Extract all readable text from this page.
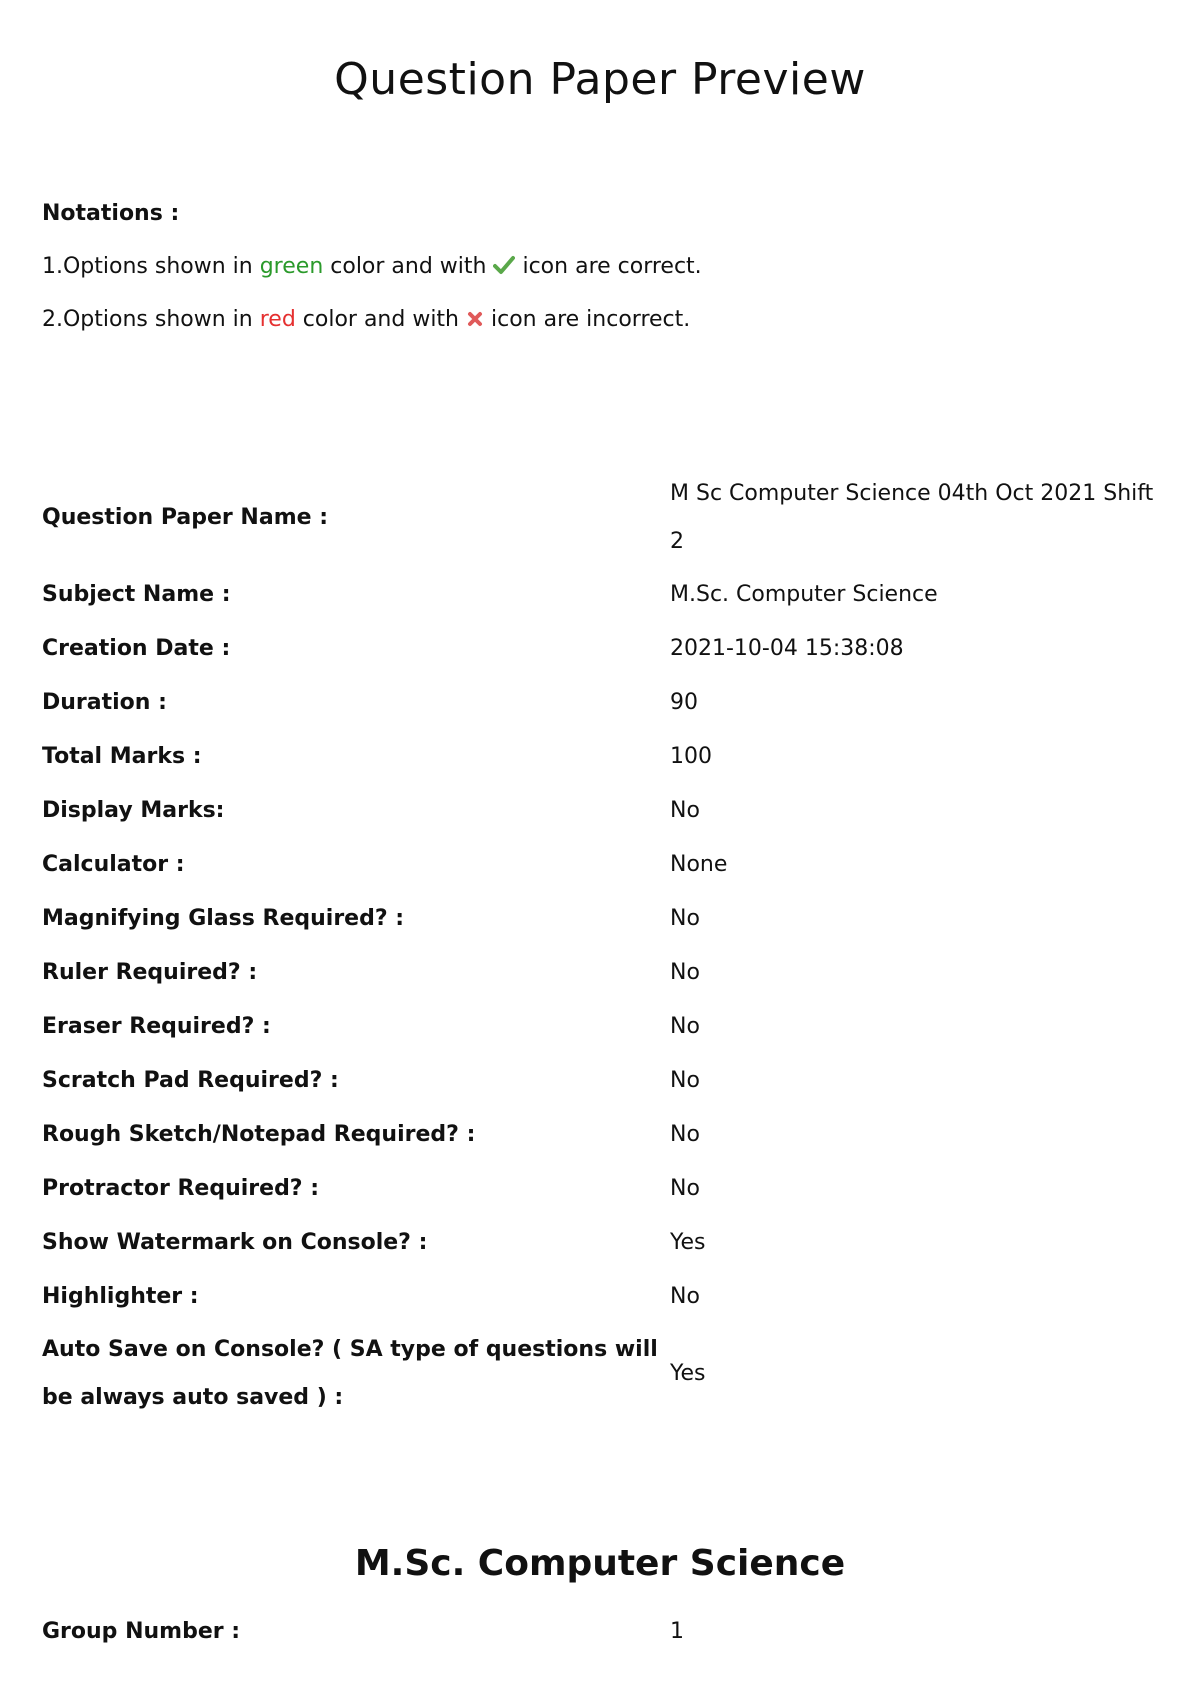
Question Paper Preview
Notations :
1.Options shown in green color and with  icon are correct.
2.Options shown in red color and with  icon are incorrect.
Question Paper Name :	M Sc Computer Science 04th Oct 2021 Shift 2
Subject Name :	M.Sc. Computer Science
Creation Date :	2021-10-04 15:38:08
Duration :	90
Total Marks :	100
Display Marks:	No
Calculator :	None
Magnifying Glass Required? :	No
Ruler Required? :	No
Eraser Required? :	No
Scratch Pad Required? :	No
Rough Sketch/Notepad Required? :	No
Protractor Required? :	No
Show Watermark on Console? :	Yes
Highlighter :	No
Auto Save on Console? ( SA type of questions will be always auto saved ) :	Yes
M.Sc. Computer Science
Group Number :	1
